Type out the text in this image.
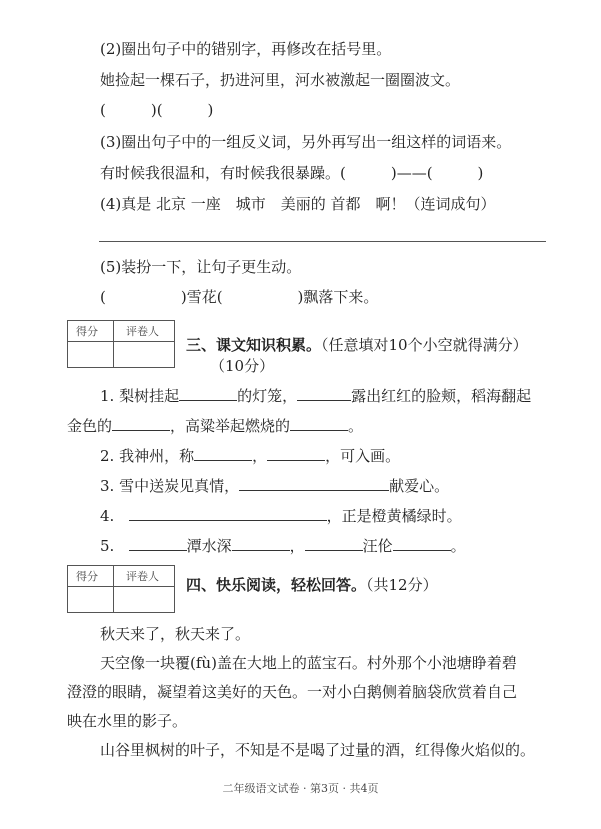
(2)圈出句子中的错别字，再修改在括号里。
她捡起一棵石子，扔进河里，河水被激起一圈圈波文。
(　　　)(　　　)
(3)圈出句子中的一组反义词，另外再写出一组这样的词语来。
有时候我很温和，有时候我很暴躁。(　　　)——(　　　)
(4)真是 北京 一座　城市　美丽的 首都　啊！（连词成句）
(5)装扮一下，让句子更生动。
(　　　　　)雪花(　　　　　)飘落下来。
得分	评卷人
三、课文知识积累。（任意填对10个小空就得满分）
（10分）
1. 梨树挂起	的灯笼，	露出红红的脸颊，稻海翻起
金色的	，高粱举起燃烧的	。
2. 我神州，称	，	，可入画。
3. 雪中送炭见真情，	献爱心。
4.	，正是橙黄橘绿时。
5.	潭水深	，	汪伦	。
得分	评卷人 四、快乐阅读，轻松回答。（共12分）
秋天来了，秋天来了。
天空像一块覆(fù)盖在大地上的蓝宝石。村外那个小池塘睁着碧
澄澄的眼睛，凝望着这美好的天色。一对小白鹅侧着脑袋欣赏着自己
映在水里的影子。
山谷里枫树的叶子，不知是不是喝了过量的酒，红得像火焰似的。
二年级语文试卷 · 第3页 · 共4页
